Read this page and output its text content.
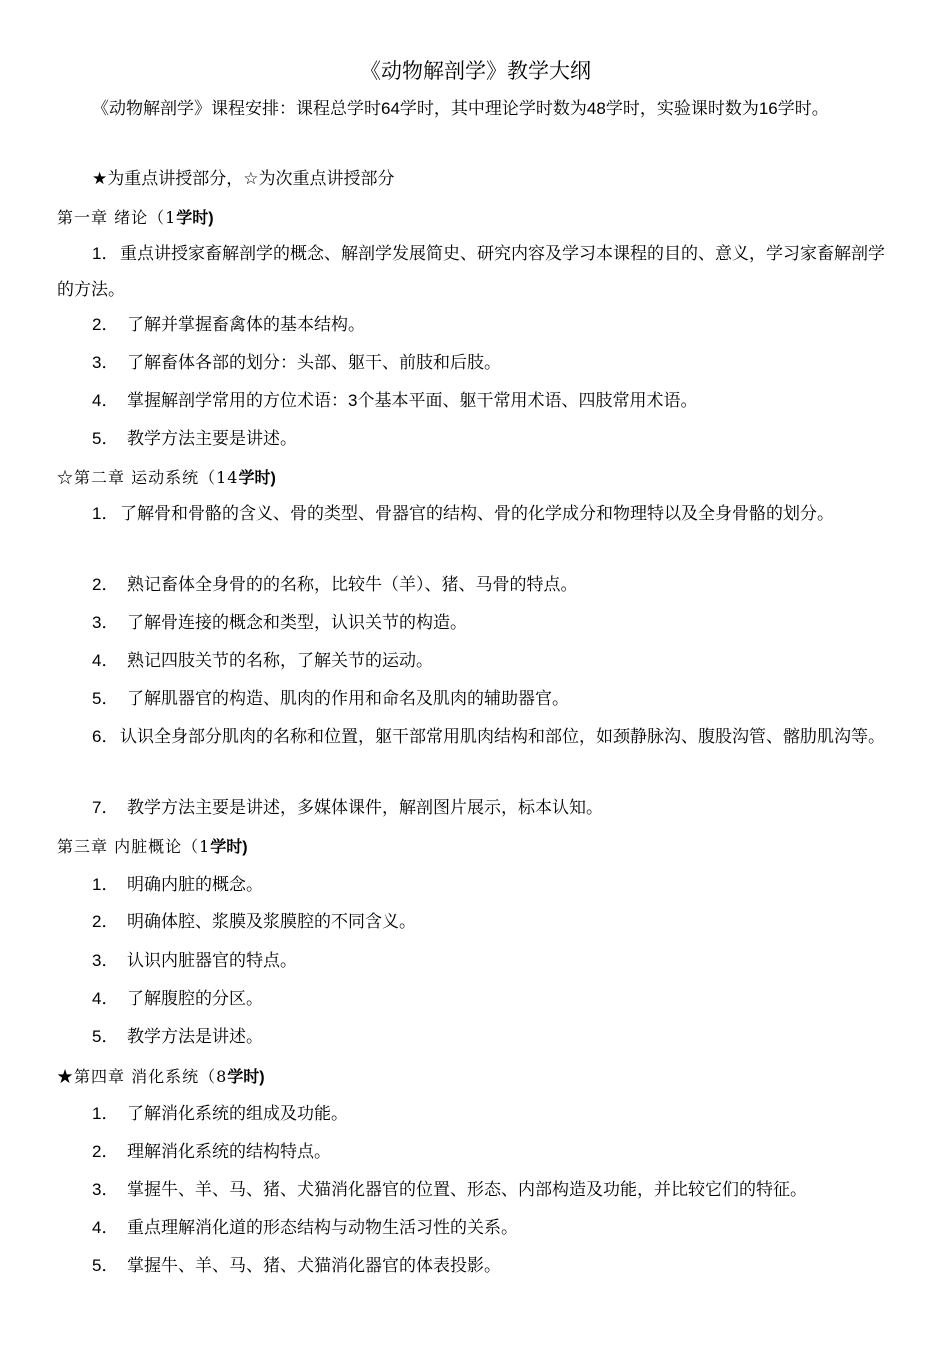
《动物解剖学》教学大纲
《动物解剖学》课程安排：课程总学时64学时，其中理论学时数为48学时，实验课时数为16学时。
★为重点讲授部分，☆为次重点讲授部分
第一章 绪论（1学时)
1．重点讲授家畜解剖学的概念、解剖学发展简史、研究内容及学习本课程的目的、意义，学习家畜解剖学的方法。
2． 了解并掌握畜禽体的基本结构。
3． 了解畜体各部的划分：头部、躯干、前肢和后肢。
4． 掌握解剖学常用的方位术语：3个基本平面、躯干常用术语、四肢常用术语。
5． 教学方法主要是讲述。
☆第二章 运动系统（14学时)
1．了解骨和骨骼的含义、骨的类型、骨器官的结构、骨的化学成分和物理特以及全身骨骼的划分。
2． 熟记畜体全身骨的的名称，比较牛（羊）、猪、马骨的特点。
3． 了解骨连接的概念和类型，认识关节的构造。
4． 熟记四肢关节的名称，了解关节的运动。
5． 了解肌器官的构造、肌肉的作用和命名及肌肉的辅助器官。
6．认识全身部分肌肉的名称和位置，躯干部常用肌肉结构和部位，如颈静脉沟、腹股沟管、髂肋肌沟等。
7． 教学方法主要是讲述，多媒体课件，解剖图片展示，标本认知。
第三章 内脏概论（1学时)
1． 明确内脏的概念。
2． 明确体腔、浆膜及浆膜腔的不同含义。
3． 认识内脏器官的特点。
4． 了解腹腔的分区。
5． 教学方法是讲述。
★第四章 消化系统（8学时)
1． 了解消化系统的组成及功能。
2． 理解消化系统的结构特点。
3． 掌握牛、羊、马、猪、犬猫消化器官的位置、形态、内部构造及功能，并比较它们的特征。
4． 重点理解消化道的形态结构与动物生活习性的关系。
5． 掌握牛、羊、马、猪、犬猫消化器官的体表投影。
